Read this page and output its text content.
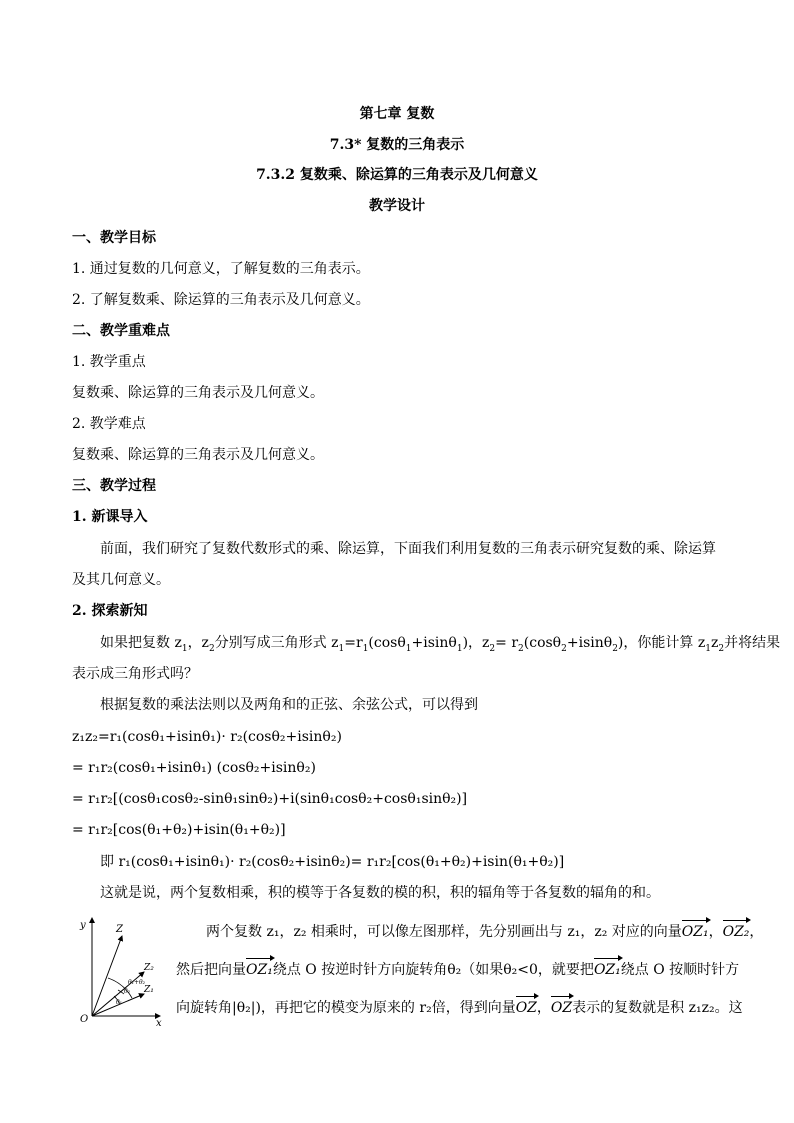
第七章 复数
7.3* 复数的三角表示
7.3.2 复数乘、除运算的三角表示及几何意义
教学设计
一、教学目标
1. 通过复数的几何意义，了解复数的三角表示。
2. 了解复数乘、除运算的三角表示及几何意义。
二、教学重难点
1. 教学重点
复数乘、除运算的三角表示及几何意义。
2. 教学难点
复数乘、除运算的三角表示及几何意义。
三、教学过程
1. 新课导入
前面，我们研究了复数代数形式的乘、除运算，下面我们利用复数的三角表示研究复数的乘、除运算
及其几何意义。
2. 探索新知
如果把复数 $z_1$，$z_2$分别写成三角形式 $z_1=r_1(\cos\theta_1+isin\theta_1)$，$z_2= r_2(\cos\theta_2+isin\theta_2)$，你能计算 $z_1z_2$并将结果
表示成三角形式吗？
根据复数的乘法法则以及两角和的正弦、余弦公式，可以得到
z₁z₂=r₁(cosθ₁+isinθ₁)· r₂(cosθ₂+isinθ₂)
= r₁r₂(cosθ₁+isinθ₁) (cosθ₂+isinθ₂)
= r₁r₂[(cosθ₁cosθ₂-sinθ₁sinθ₂)+i(sinθ₁cosθ₂+cosθ₁sinθ₂)]
= r₁r₂[cos(θ₁+θ₂)+isin(θ₁+θ₂)]
即 r₁(cosθ₁+isinθ₁)· r₂(cosθ₂+isinθ₂)= r₁r₂[cos(θ₁+θ₂)+isin(θ₁+θ₂)]
这就是说，两个复数相乘，积的模等于各复数的模的积，积的辐角等于各复数的辐角的和。
y
x
O
Z
Z₂
Z₁
θ₁+θ₂
θ₂
θ₁
两个复数 z₁，z₂ 相乘时，可以像左图那样，先分别画出与 z₁，z₂ 对应的向量OZ₁，OZ₂，
然后把向量OZ₁绕点 O 按逆时针方向旋转角θ₂（如果θ₂<0，就要把OZ₁绕点 O 按顺时针方
向旋转角|θ₂|)，再把它的模变为原来的 r₂倍，得到向量OZ，OZ表示的复数就是积 z₁z₂。这
